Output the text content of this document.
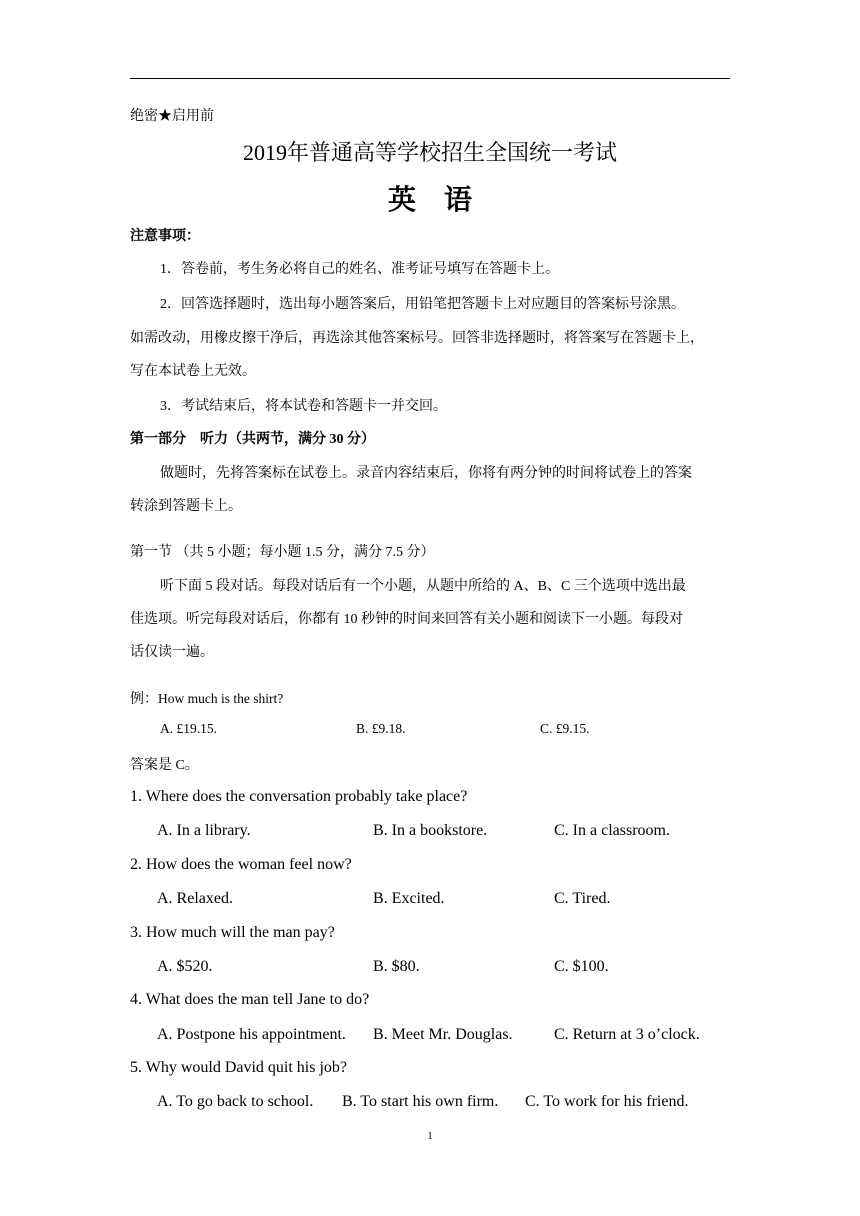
绝密★启用前
2019年普通高等学校招生全国统一考试
英　语
注意事项：
1．答卷前，考生务必将自己的姓名、准考证号填写在答题卡上。
2．回答选择题时，选出每小题答案后，用铅笔把答题卡上对应题目的答案标号涂黑。
如需改动，用橡皮擦干净后，再选涂其他答案标号。回答非选择题时，将答案写在答题卡上，
写在本试卷上无效。
3．考试结束后，将本试卷和答题卡一并交回。
第一部分　听力（共两节，满分 30 分）
做题时，先将答案标在试卷上。录音内容结束后，你将有两分钟的时间将试卷上的答案
转涂到答题卡上。
第一节 （共 5 小题；每小题 1.5 分，满分 7.5 分）
听下面 5 段对话。每段对话后有一个小题，从题中所给的 A、B、C 三个选项中选出最
佳选项。听完每段对话后，你都有 10 秒钟的时间来回答有关小题和阅读下一小题。每段对
话仅读一遍。
例：How much is the shirt?
A. £19.15.	B. £9.18.	C. £9.15.
答案是 C。
1. Where does the conversation probably take place?
A. In a library.	B. In a bookstore.	C. In a classroom.
2. How does the woman feel now?
A. Relaxed.	B. Excited.	C. Tired.
3. How much will the man pay?
A. $520.	B. $80.	C. $100.
4. What does the man tell Jane to do?
A. Postpone his appointment. B. Meet Mr. Douglas.	C. Return at 3 o’clock.
5. Why would David quit his job?
A. To go back to school. B. To start his own firm. C. To work for his friend.
1
